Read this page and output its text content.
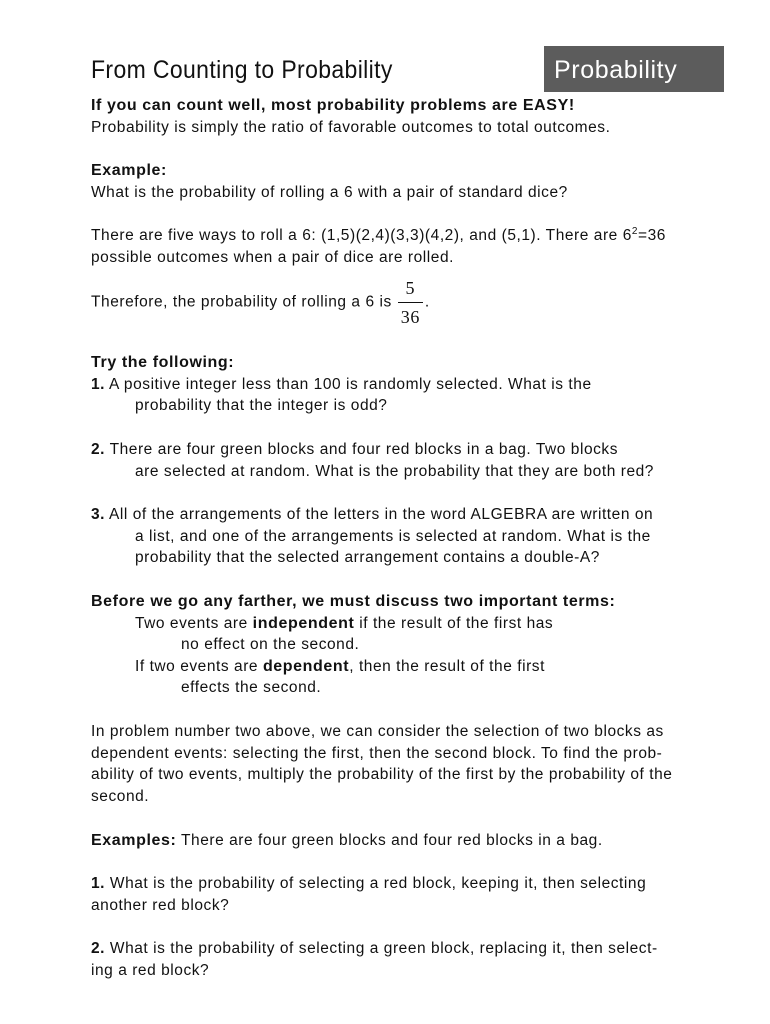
From Counting to Probability	Probability
If you can count well, most probability problems are EASY!
Probability is simply the ratio of favorable outcomes to total outcomes.
Example:
What is the probability of rolling a 6 with a pair of standard dice?
There are five ways to roll a 6: (1,5)(2,4)(3,3)(4,2), and (5,1). There are $6^2=36$
possible outcomes when a pair of dice are rolled.
Therefore, the probability of rolling a 6 is $\frac{5}{36}$ .
Try the following:
1. A positive integer less than 100 is randomly selected. What is the
probability that the integer is odd?
2. There are four green blocks and four red blocks in a bag. Two blocks
are selected at random. What is the probability that they are both red?
3. All of the arrangements of the letters in the word ALGEBRA are written on
a list, and one of the arrangements is selected at random. What is the
probability that the selected arrangement contains a double-A?
Before we go any farther, we must discuss two important terms:
Two events are independent if the result of the first has
no effect on the second.
If two events are dependent, then the result of the first
effects the second.
In problem number two above, we can consider the selection of two blocks as
dependent events: selecting the first, then the second block. To find the prob-
ability of two events, multiply the probability of the first by the probability of the
second.
Examples: There are four green blocks and four red blocks in a bag.
1. What is the probability of selecting a red block, keeping it, then selecting
another red block?
2. What is the probability of selecting a green block, replacing it, then select-
ing a red block?
